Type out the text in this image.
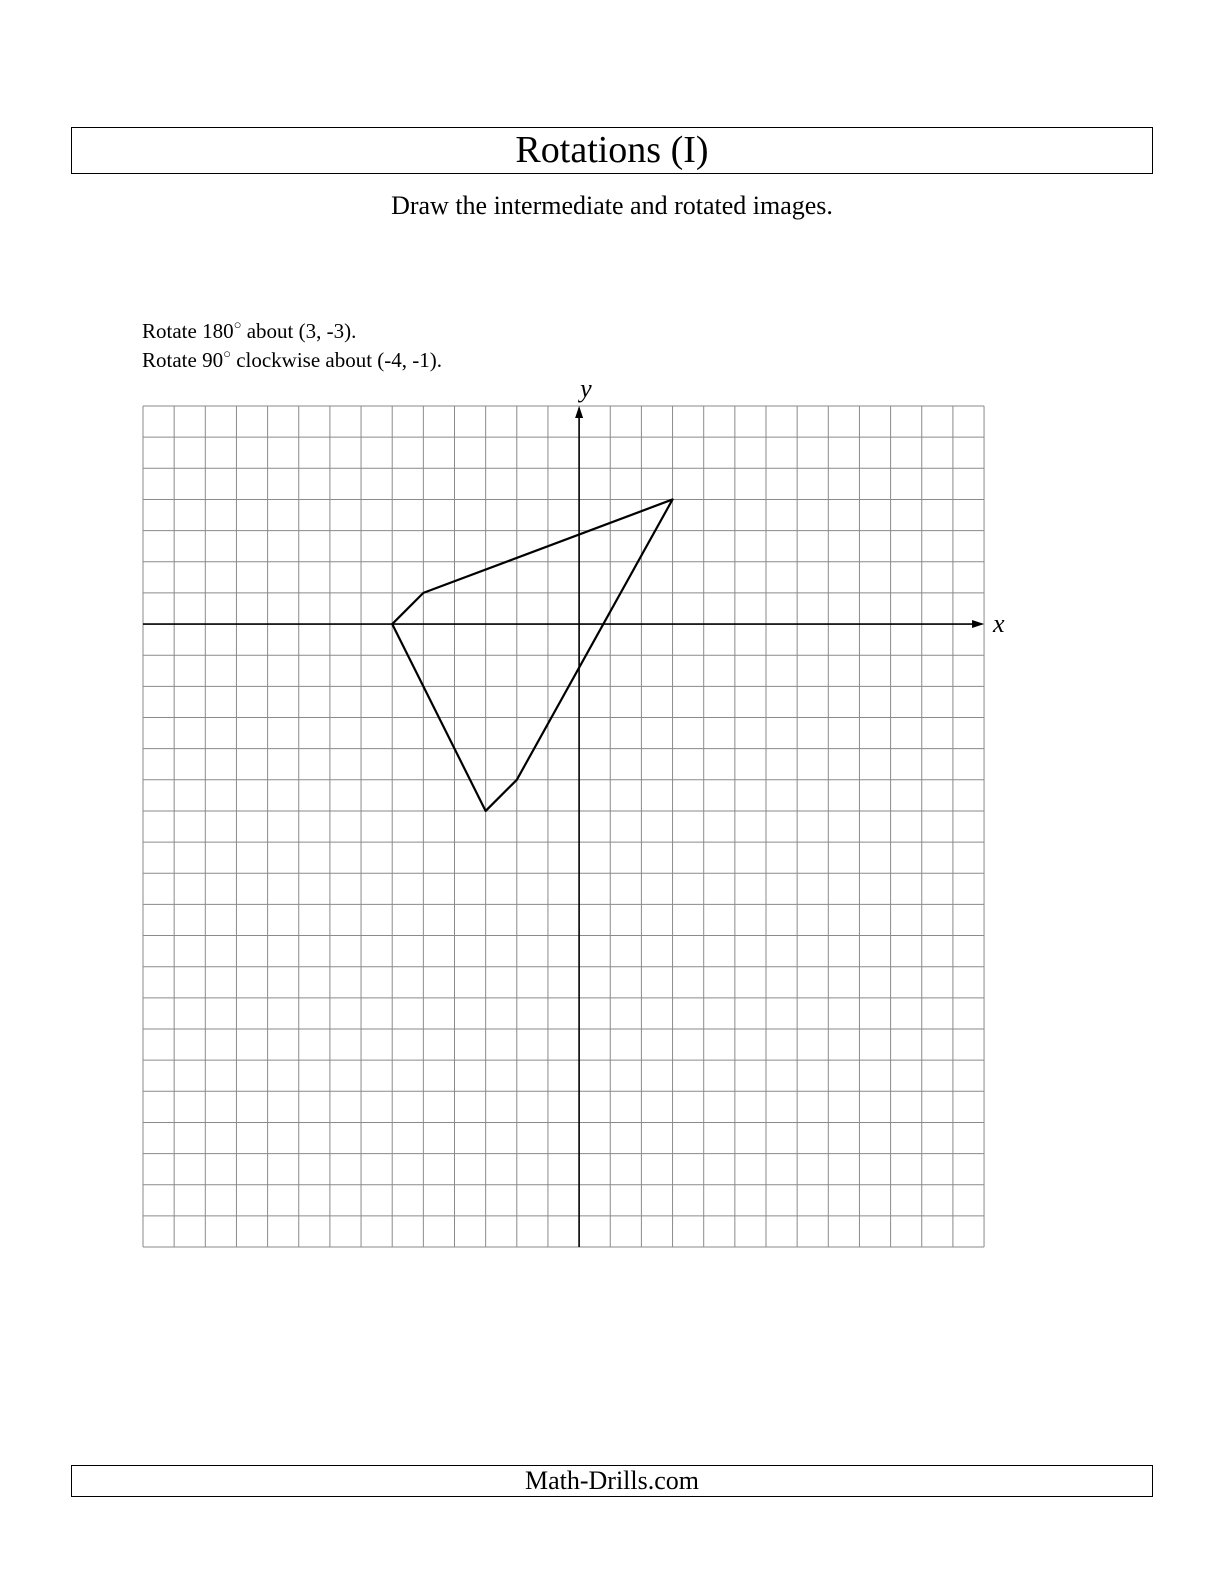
Rotations (I)
Draw the intermediate and rotated images.
Rotate 180○ about (3, -3).
Rotate 90○ clockwise about (-4, -1).
x
y
Math-Drills.com
